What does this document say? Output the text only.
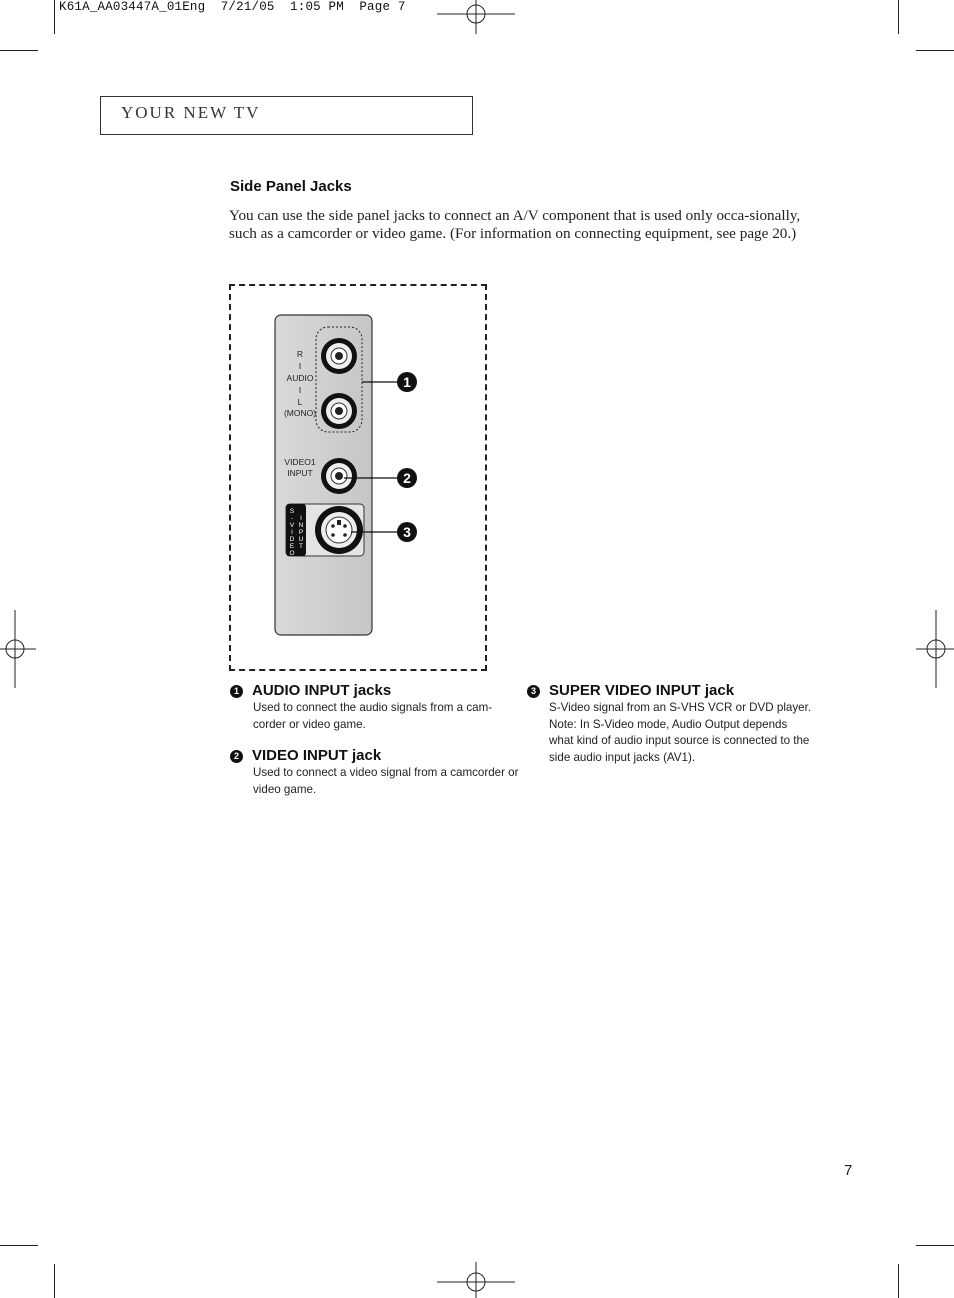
K61A_AA03447A_01Eng  7/21/05  1:05 PM  Page 7
YOUR NEW TV
Side Panel Jacks
You can use the side panel jacks to connect an A/V component that is used only occa-sionally, such as a camcorder or video game. (For information on connecting equipment, see page 20.)
R
I
AUDIO
I
L
(MONO)
VIDEO1
INPUT
S
-
V
I
D
E
O
I
N
P
U
T
1
2
3
1 AUDIO INPUT jacks
Used to connect the audio signals from a cam-corder or video game.
2 VIDEO INPUT jack
Used to connect a video signal from a camcorder or video game.
3 SUPER VIDEO INPUT jack
S-Video signal from an S-VHS VCR or DVD player.
Note: In S-Video mode, Audio Output depends what kind of audio input source is connected to the side audio input jacks (AV1).
7
